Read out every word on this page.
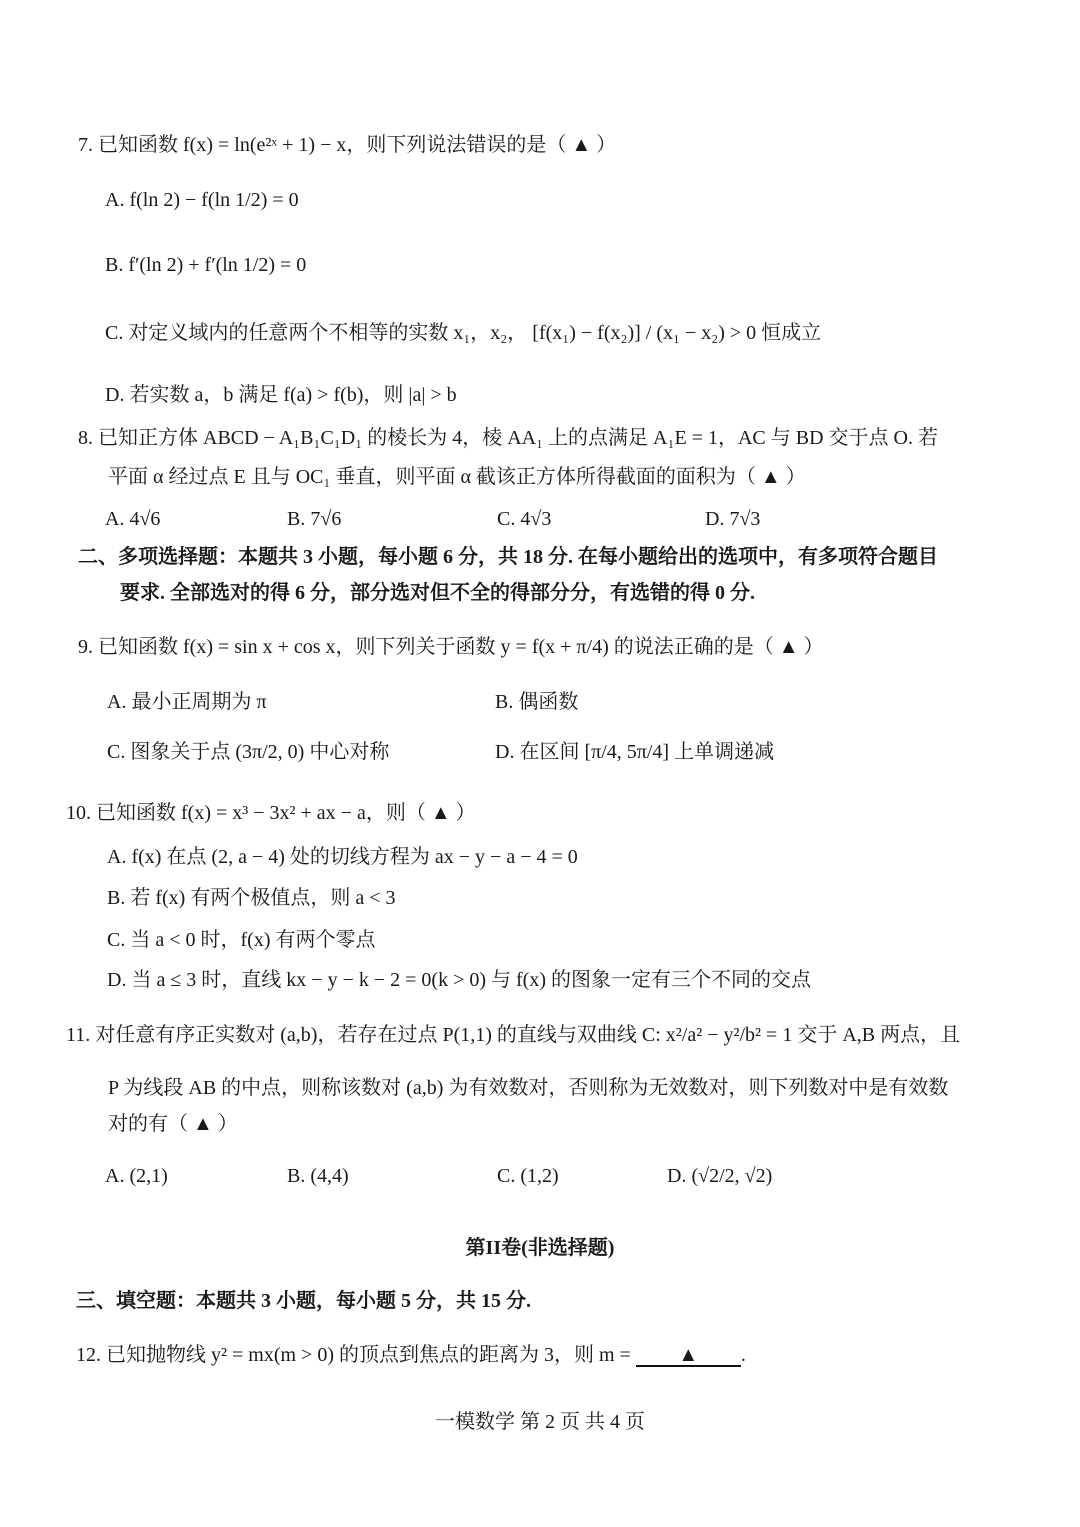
7. 已知函数 f(x) = ln(e²ˣ + 1) − x，则下列说法错误的是（ ▲ ）
A. f(ln 2) − f(ln 1/2) = 0
B. f′(ln 2) + f′(ln 1/2) = 0
C. 对定义域内的任意两个不相等的实数 x₁，x₂， [f(x₁) − f(x₂)] / (x₁ − x₂) > 0 恒成立
D. 若实数 a，b 满足 f(a) > f(b)，则 |a| > b
8. 已知正方体 ABCD − A₁B₁C₁D₁ 的棱长为 4，棱 AA₁ 上的点满足 A₁E = 1，AC 与 BD 交于点 O. 若
平面 α 经过点 E 且与 OC₁ 垂直，则平面 α 截该正方体所得截面的面积为（ ▲ ）
A. 4√6	B. 7√6	C. 4√3	D. 7√3
二、多项选择题：本题共 3 小题，每小题 6 分，共 18 分. 在每小题给出的选项中，有多项符合题目
要求. 全部选对的得 6 分，部分选对但不全的得部分分，有选错的得 0 分.
9. 已知函数 f(x) = sin x + cos x，则下列关于函数 y = f(x + π/4) 的说法正确的是（ ▲ ）
A. 最小正周期为 π	B. 偶函数
C. 图象关于点 (3π/2, 0) 中心对称	D. 在区间 [π/4, 5π/4] 上单调递减
10. 已知函数 f(x) = x³ − 3x² + ax − a，则（ ▲ ）
A. f(x) 在点 (2, a − 4) 处的切线方程为 ax − y − a − 4 = 0
B. 若 f(x) 有两个极值点，则 a < 3
C. 当 a < 0 时，f(x) 有两个零点
D. 当 a ≤ 3 时，直线 kx − y − k − 2 = 0(k > 0) 与 f(x) 的图象一定有三个不同的交点
11. 对任意有序正实数对 (a,b)，若存在过点 P(1,1) 的直线与双曲线 C: x²/a² − y²/b² = 1 交于 A,B 两点，且
P 为线段 AB 的中点，则称该数对 (a,b) 为有效数对，否则称为无效数对，则下列数对中是有效数
对的有（ ▲ ）
A. (2,1)	B. (4,4)	C. (1,2)	D. (√2/2, √2)
第II卷(非选择题)
三、填空题：本题共 3 小题，每小题 5 分，共 15 分.
12. 已知抛物线 y² = mx(m > 0) 的顶点到焦点的距离为 3，则 m = ▲ .
一模数学 第 2 页 共 4 页
